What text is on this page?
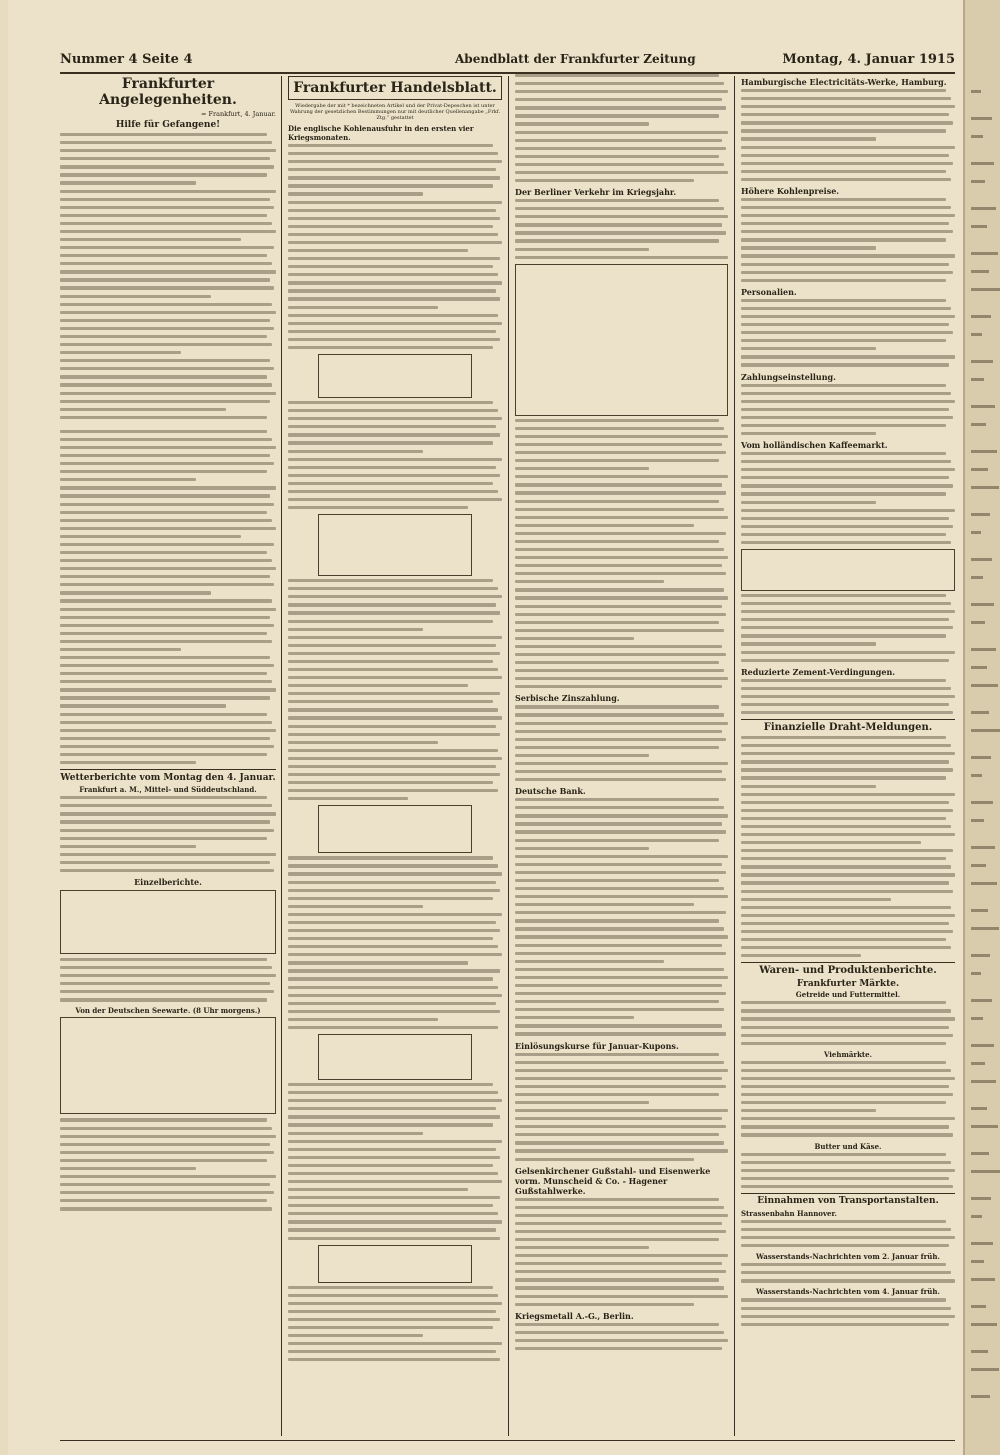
Nummer 4 Seite 4	Abendblatt der Frankfurter Zeitung	Montag, 4. Januar 1915
Frankfurter Angelegenheiten.
= Frankfurt, 4. Januar.
Hilfe für Gefangene!
Wetterberichte vom Montag den 4. Januar.
Frankfurt a. M., Mittel- und Süddeutschland.
Einzelberichte.
Von der Deutschen Seewarte. (8 Uhr morgens.)
Frankfurter Handelsblatt.
Wiedergabe der mit * bezeichneten Artikel und der Privat-Depeschen ist unter Wahrung der gesetzlichen Bestimmungen nur mit deutlicher Quellenangabe „Frkf. Ztg.“ gestattet
Die englische Kohlenausfuhr in den ersten vier Kriegsmonaten.
Der Berliner Verkehr im Kriegsjahr.
Serbische Zinszahlung.
Deutsche Bank.
Einlösungskurse für Januar-Kupons.
Gelsenkirchener Gußstahl- und Eisenwerke vorm. Munscheid & Co. - Hagener Gußstahlwerke.
Kriegsmetall A.-G., Berlin.
Hamburgische Electricitäts-Werke, Hamburg.
Höhere Kohlenpreise.
Personalien.
Zahlungseinstellung.
Vom holländischen Kaffeemarkt.
Reduzierte Zement-Verdingungen.
Finanzielle Draht-Meldungen.
Waren- und Produktenberichte.
Frankfurter Märkte.
Getreide und Futtermittel.
Viehmärkte.
Butter und Käse.
Einnahmen von Transportanstalten.
Strassenbahn Hannover.
Wasserstands-Nachrichten vom 2. Januar früh.
Wasserstands-Nachrichten vom 4. Januar früh.
